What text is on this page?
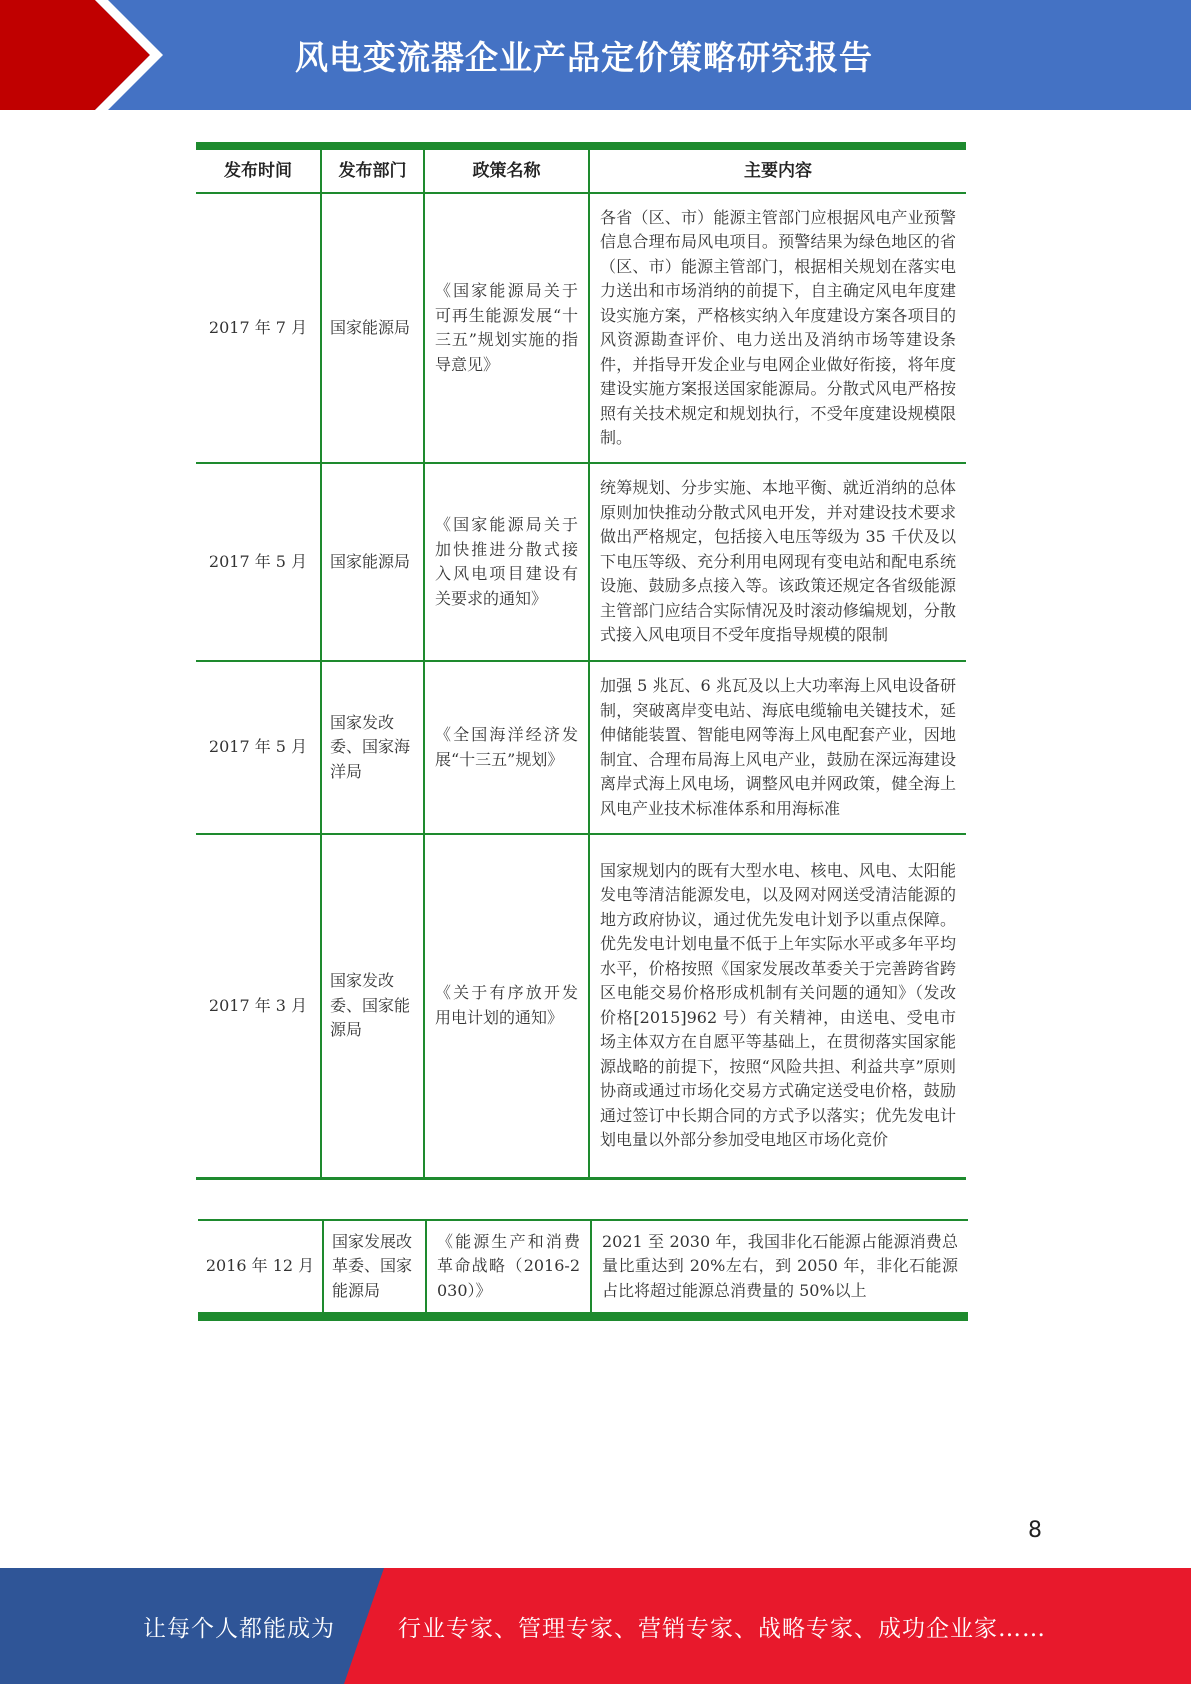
风电变流器企业产品定价策略研究报告
发布时间	发布部门	政策名称	主要内容
2017 年 7 月	国家能源局	《国家能源局关于可再生能源发展“十三五”规划实施的指导意见》	各省（区、市）能源主管部门应根据风电产业预警信息合理布局风电项目。预警结果为绿色地区的省（区、市）能源主管部门，根据相关规划在落实电力送出和市场消纳的前提下，自主确定风电年度建设实施方案，严格核实纳入年度建设方案各项目的风资源勘查评价、电力送出及消纳市场等建设条件，并指导开发企业与电网企业做好衔接，将年度建设实施方案报送国家能源局。分散式风电严格按照有关技术规定和规划执行，不受年度建设规模限制。
2017 年 5 月	国家能源局	《国家能源局关于加快推进分散式接入风电项目建设有关要求的通知》	统筹规划、分步实施、本地平衡、就近消纳的总体原则加快推动分散式风电开发，并对建设技术要求做出严格规定，包括接入电压等级为 35 千伏及以下电压等级、充分利用电网现有变电站和配电系统设施、鼓励多点接入等。该政策还规定各省级能源主管部门应结合实际情况及时滚动修编规划，分散式接入风电项目不受年度指导规模的限制
2017 年 5 月	国家发改委、国家海洋局	《全国海洋经济发展“十三五”规划》	加强 5 兆瓦、6 兆瓦及以上大功率海上风电设备研制，突破离岸变电站、海底电缆输电关键技术，延伸储能装置、智能电网等海上风电配套产业，因地制宜、合理布局海上风电产业，鼓励在深远海建设离岸式海上风电场，调整风电并网政策，健全海上风电产业技术标准体系和用海标准
2017 年 3 月	国家发改委、国家能源局	《关于有序放开发用电计划的通知》	国家规划内的既有大型水电、核电、风电、太阳能发电等清洁能源发电，以及网对网送受清洁能源的地方政府协议，通过优先发电计划予以重点保障。优先发电计划电量不低于上年实际水平或多年平均水平，价格按照《国家发展改革委关于完善跨省跨区电能交易价格形成机制有关问题的通知》（发改价格[2015]962 号）有关精神，由送电、受电市场主体双方在自愿平等基础上，在贯彻落实国家能源战略的前提下，按照“风险共担、利益共享”原则协商或通过市场化交易方式确定送受电价格，鼓励通过签订中长期合同的方式予以落实；优先发电计划电量以外部分参加受电地区市场化竞价
2016 年 12 月	国家发展改革委、国家能源局	《能源生产和消费革命战略（2016-2030）》	2021 至 2030 年，我国非化石能源占能源消费总量比重达到 20%左右，到 2050 年，非化石能源占比将超过能源总消费量的 50%以上
8
让每个人都能成为	行业专家、管理专家、营销专家、战略专家、成功企业家……
